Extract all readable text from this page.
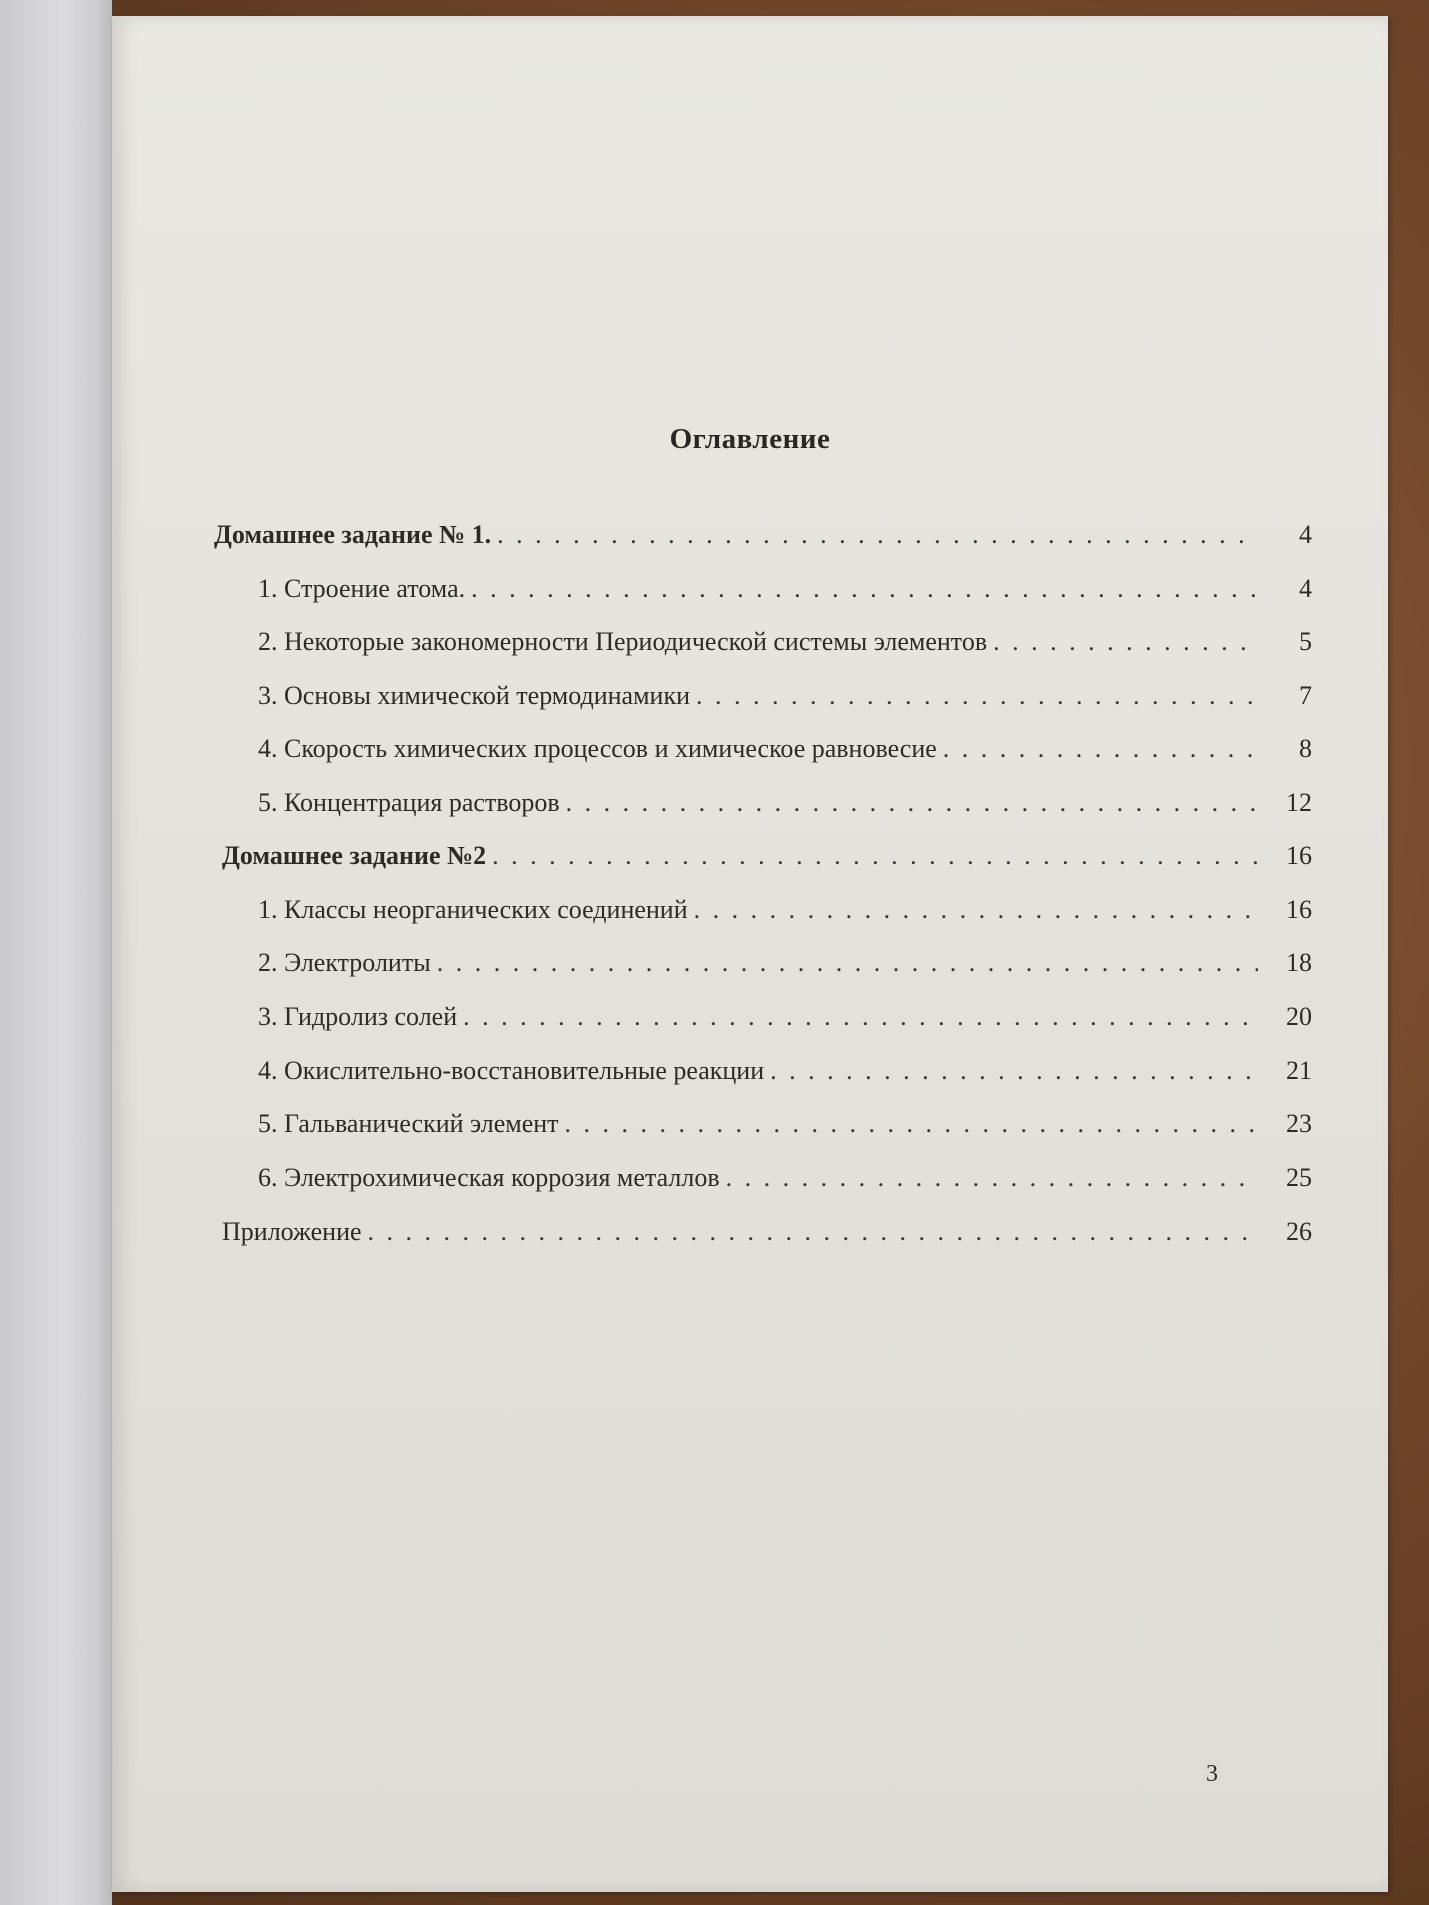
Оглавление
Домашнее задание № 1. . . .	4
1. Строение атома. . . .	4
2. Некоторые закономерности Периодической системы элементов . . .	5
3. Основы химической термодинамики . . .	7
4. Скорость химических процессов и химическое равновесие . . .	8
5. Концентрация растворов . . .	12
Домашнее задание №2 . . .	16
1. Классы неорганических соединений . . .	16
2. Электролиты . . .	18
3. Гидролиз солей . . .	20
4. Окислительно-восстановительные реакции . . .	21
5. Гальванический элемент . . .	23
6. Электрохимическая коррозия металлов . . .	25
Приложение . . .	26
3
